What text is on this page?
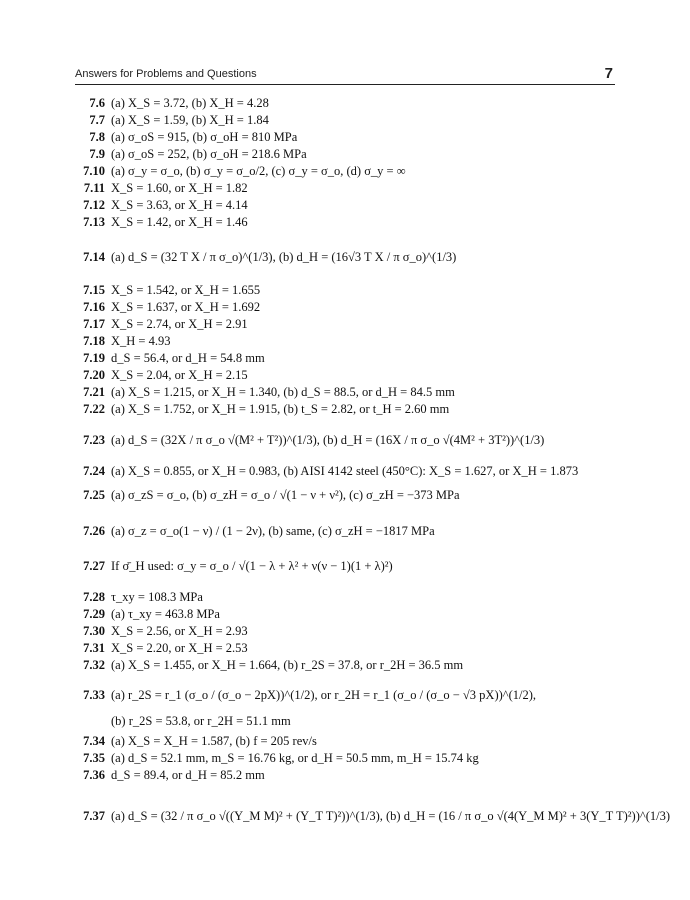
Answers for Problems and Questions	7
7.6 (a) X_S = 3.72, (b) X_H = 4.28
7.7 (a) X_S = 1.59, (b) X_H = 1.84
7.8 (a) σ_oS = 915, (b) σ_oH = 810 MPa
7.9 (a) σ_oS = 252, (b) σ_oH = 218.6 MPa
7.10 (a) σ_y = σ_o, (b) σ_y = σ_o/2, (c) σ_y = σ_o, (d) σ_y = ∞
7.11 X_S = 1.60, or X_H = 1.82
7.12 X_S = 3.63, or X_H = 4.14
7.13 X_S = 1.42, or X_H = 1.46
7.14 (a) d_S = (32 T X / π σ_o)^(1/3), (b) d_H = (16√3 T X / π σ_o)^(1/3)
7.15 X_S = 1.542, or X_H = 1.655
7.16 X_S = 1.637, or X_H = 1.692
7.17 X_S = 2.74, or X_H = 2.91
7.18 X_H = 4.93
7.19 d_S = 56.4, or d_H = 54.8 mm
7.20 X_S = 2.04, or X_H = 2.15
7.21 (a) X_S = 1.215, or X_H = 1.340, (b) d_S = 88.5, or d_H = 84.5 mm
7.22 (a) X_S = 1.752, or X_H = 1.915, (b) t_S = 2.82, or t_H = 2.60 mm
7.23 (a) d_S = (32X / π σ_o √(M² + T²))^(1/3), (b) d_H = (16X / π σ_o √(4M² + 3T²))^(1/3)
7.24 (a) X_S = 0.855, or X_H = 0.983, (b) AISI 4142 steel (450°C): X_S = 1.627, or X_H = 1.873
7.25 (a) σ_zS = σ_o, (b) σ_zH = σ_o / √(1 − ν + ν²), (c) σ_zH = −373 MPa
7.26 (a) σ_z = σ_o(1 − ν) / (1 − 2ν), (b) same, (c) σ_zH = −1817 MPa
7.27 If σ̄_H used: σ_y = σ_o / √(1 − λ + λ² + ν(ν − 1)(1 + λ)²)
7.28 τ_xy = 108.3 MPa
7.29 (a) τ_xy = 463.8 MPa
7.30 X_S = 2.56, or X_H = 2.93
7.31 X_S = 2.20, or X_H = 2.53
7.32 (a) X_S = 1.455, or X_H = 1.664, (b) r_2S = 37.8, or r_2H = 36.5 mm
7.33 (a) r_2S = r_1 (σ_o / (σ_o − 2pX))^(1/2), or r_2H = r_1 (σ_o / (σ_o − √3 pX))^(1/2),
(b) r_2S = 53.8, or r_2H = 51.1 mm
7.34 (a) X_S = X_H = 1.587, (b) f = 205 rev/s
7.35 (a) d_S = 52.1 mm, m_S = 16.76 kg, or d_H = 50.5 mm, m_H = 15.74 kg
7.36 d_S = 89.4, or d_H = 85.2 mm
7.37 (a) d_S = (32 / π σ_o √((Y_M M)² + (Y_T T)²))^(1/3), (b) d_H = (16 / π σ_o √(4(Y_M M)² + 3(Y_T T)²))^(1/3)
